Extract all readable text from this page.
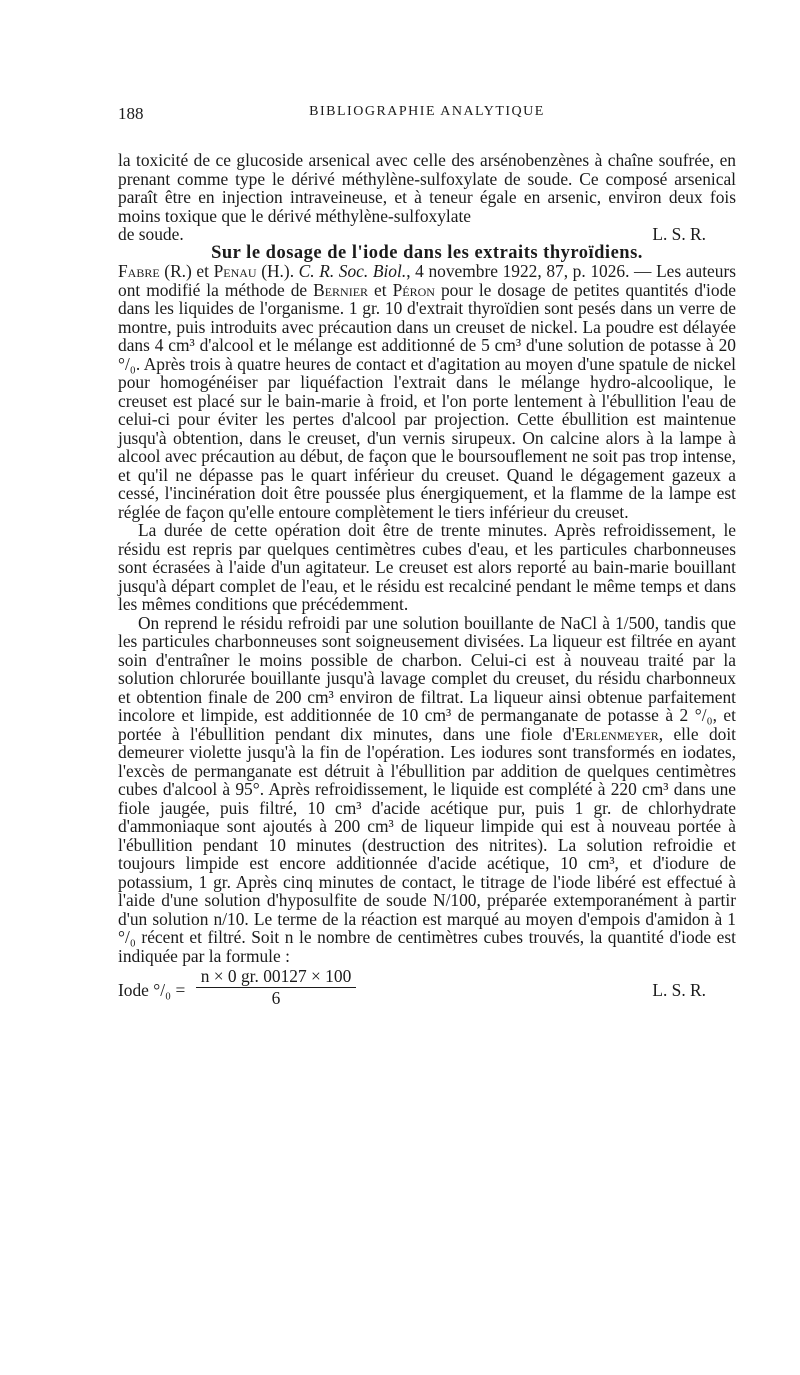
188	BIBLIOGRAPHIE ANALYTIQUE

la toxicité de ce glucoside arsenical avec celle des arsénobenzènes à chaîne soufrée, en prenant comme type le dérivé méthylène-sulfoxylate de soude. Ce composé arsenical paraît être en injection intraveineuse, et à teneur égale en arsenic, environ deux fois moins toxique que le dérivé méthylène-sulfoxylate

de soude.	L. S. R.

Sur le dosage de l'iode dans les extraits thyroïdiens.

Fabre (R.) et Penau (H.). C. R. Soc. Biol., 4 novembre 1922, 87, p. 1026. — Les auteurs ont modifié la méthode de Bernier et Péron pour le dosage de petites quantités d'iode dans les liquides de l'organisme. 1 gr. 10 d'extrait thyroïdien sont pesés dans un verre de montre, puis introduits avec précaution dans un creuset de nickel. La poudre est délayée dans 4 cm³ d'alcool et le mélange est additionné de 5 cm³ d'une solution de potasse à 20 °/₀. Après trois à quatre heures de contact et d'agitation au moyen d'une spatule de nickel pour homogénéiser par liquéfaction l'extrait dans le mélange hydro-alcoolique, le creuset est placé sur le bain-marie à froid, et l'on porte lentement à l'ébullition l'eau de celui-ci pour éviter les pertes d'alcool par projection. Cette ébullition est maintenue jusqu'à obtention, dans le creuset, d'un vernis sirupeux. On calcine alors à la lampe à alcool avec précaution au début, de façon que le boursouflement ne soit pas trop intense, et qu'il ne dépasse pas le quart inférieur du creuset. Quand le dégagement gazeux a cessé, l'incinération doit être poussée plus énergiquement, et la flamme de la lampe est réglée de façon qu'elle entoure complètement le tiers inférieur du creuset.

La durée de cette opération doit être de trente minutes. Après refroidissement, le résidu est repris par quelques centimètres cubes d'eau, et les particules charbonneuses sont écrasées à l'aide d'un agitateur. Le creuset est alors reporté au bain-marie bouillant jusqu'à départ complet de l'eau, et le résidu est recalciné pendant le même temps et dans les mêmes conditions que précédemment.

On reprend le résidu refroidi par une solution bouillante de NaCl à 1/500, tandis que les particules charbonneuses sont soigneusement divisées. La liqueur est filtrée en ayant soin d'entraîner le moins possible de charbon. Celui-ci est à nouveau traité par la solution chlorurée bouillante jusqu'à lavage complet du creuset, du résidu charbonneux et obtention finale de 200 cm³ environ de filtrat. La liqueur ainsi obtenue parfaitement incolore et limpide, est additionnée de 10 cm³ de permanganate de potasse à 2 °/₀, et portée à l'ébullition pendant dix minutes, dans une fiole d'Erlenmeyer, elle doit demeurer violette jusqu'à la fin de l'opération. Les iodures sont transformés en iodates, l'excès de permanganate est détruit à l'ébullition par addition de quelques centimètres cubes d'alcool à 95°. Après refroidissement, le liquide est complété à 220 cm³ dans une fiole jaugée, puis filtré, 10 cm³ d'acide acétique pur, puis 1 gr. de chlorhydrate d'ammoniaque sont ajoutés à 200 cm³ de liqueur limpide qui est à nouveau portée à l'ébullition pendant 10 minutes (destruction des nitrites). La solution refroidie et toujours limpide est encore additionnée d'acide acétique, 10 cm³, et d'iodure de potassium, 1 gr. Après cinq minutes de contact, le titrage de l'iode libéré est effectué à l'aide d'une solution d'hyposulfite de soude N/100, préparée extemporanément à partir d'un solution n/10. Le terme de la réaction est marqué au moyen d'empois d'amidon à 1 °/₀ récent et filtré. Soit n le nombre de centimètres cubes trouvés, la quantité d'iode est indiquée par la formule :

Iode $^\circ/_0 = \frac{n \times 0 gr. 00127 \times 100}{6}$	L. S. R.
